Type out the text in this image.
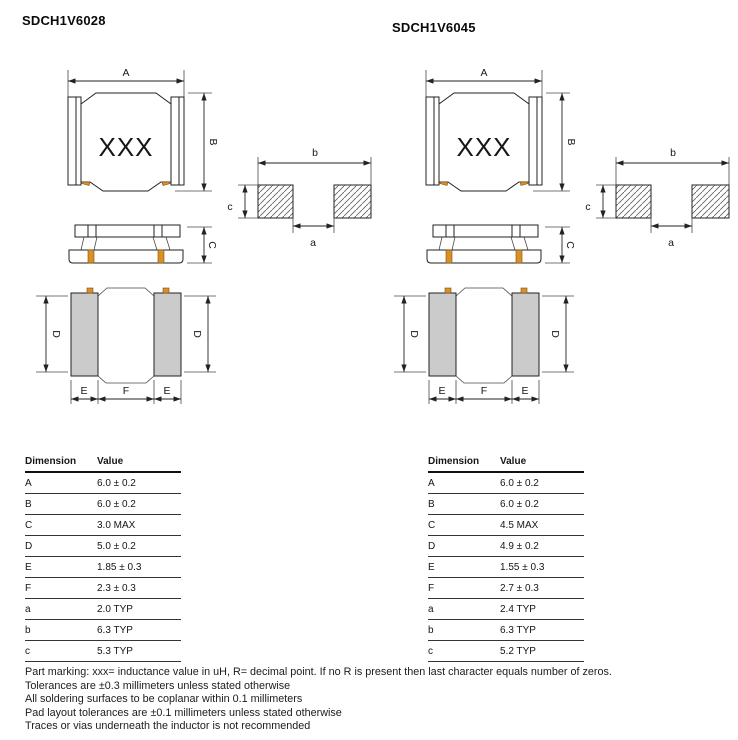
SDCH1V6028	SDCH1V6045
A
XXX	B
b
c
a
C
D	D
E	F	E
A
XXX	B
b
c
a
C
D	D
E	F	E
Dimension	Value
A	6.0 ± 0.2
B	6.0 ± 0.2
C	3.0 MAX
D	5.0 ± 0.2
E	1.85 ± 0.3
F	2.3 ± 0.3
a	2.0 TYP
b	6.3 TYP
c	5.3 TYP
Dimension	Value
A	6.0 ± 0.2
B	6.0 ± 0.2
C	4.5 MAX
D	4.9 ± 0.2
E	1.55 ± 0.3
F	2.7 ± 0.3
a	2.4 TYP
b	6.3 TYP
c	5.2 TYP
Part marking: xxx= inductance value in uH, R= decimal point. If no R is present then last character equals number of zeros.
Tolerances are ±0.3 millimeters unless stated otherwise
All soldering surfaces to be coplanar within 0.1 millimeters
Pad layout tolerances are ±0.1 millimeters unless stated otherwise
Traces or vias underneath the inductor is not recommended
